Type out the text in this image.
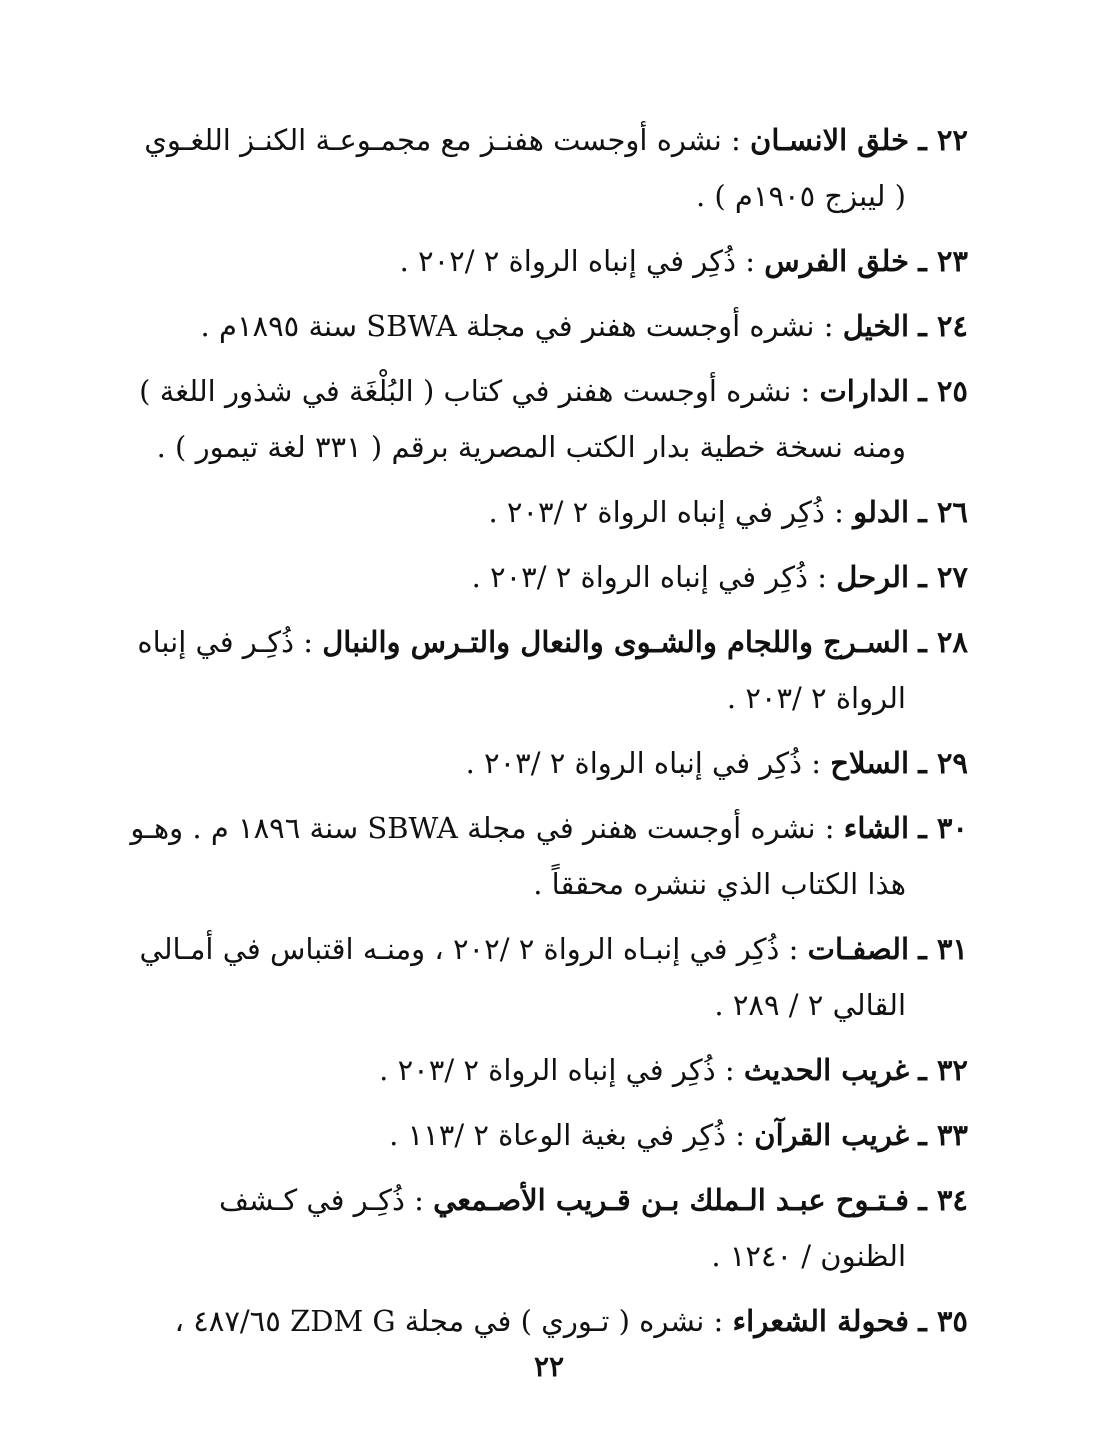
٢٢ ـ خلق الانسـان : نشره أوجست هفنـز مع مجمـوعـة الكنـز اللغـوي
( ليبزج ١٩٠٥م ) .
٢٣ ـ خلق الفرس : ذُكِر في إنباه الرواة ٢ /٢٠٢ .
٢٤ ـ الخيل : نشره أوجست هفنر في مجلة SBWA سنة ١٨٩٥م .
٢٥ ـ الدارات : نشره أوجست هفنر في كتاب ( البُلْغَة في شذور اللغة )
ومنه نسخة خطية بدار الكتب المصرية برقم ( ٣٣١ لغة تيمور ) .
٢٦ ـ الدلو : ذُكِر في إنباه الرواة ٢ /٢٠٣ .
٢٧ ـ الرحل : ذُكِر في إنباه الرواة ٢ /٢٠٣ .
٢٨ ـ السـرج واللجام والشـوى والنعال والتـرس والنبال : ذُكِـر في إنباه
الرواة ٢ /٢٠٣ .
٢٩ ـ السلاح : ذُكِر في إنباه الرواة ٢ /٢٠٣ .
٣٠ ـ الشاء : نشره أوجست هفنر في مجلة SBWA سنة ١٨٩٦ م . وهـو
هذا الكتاب الذي ننشره محققاً .
٣١ ـ الصفـات : ذُكِر في إنبـاه الرواة ٢ /٢٠٢ ، ومنـه اقتباس في أمـالي
القالي ٢ / ٢٨٩ .
٣٢ ـ غريب الحديث : ذُكِر في إنباه الرواة ٢ /٢٠٣ .
٣٣ ـ غريب القرآن : ذُكِر في بغية الوعاة ٢ /١١٣ .
٣٤ ـ فـتـوح عبـد الـملك بـن قـريب الأصـمعي : ذُكِـر في كـشف
الظنون / ١٢٤٠ .
٣٥ ـ فحولة الشعراء : نشره ( تـوري ) في مجلة ZDM G ٤٨٧/٦٥ ،
٢٢
